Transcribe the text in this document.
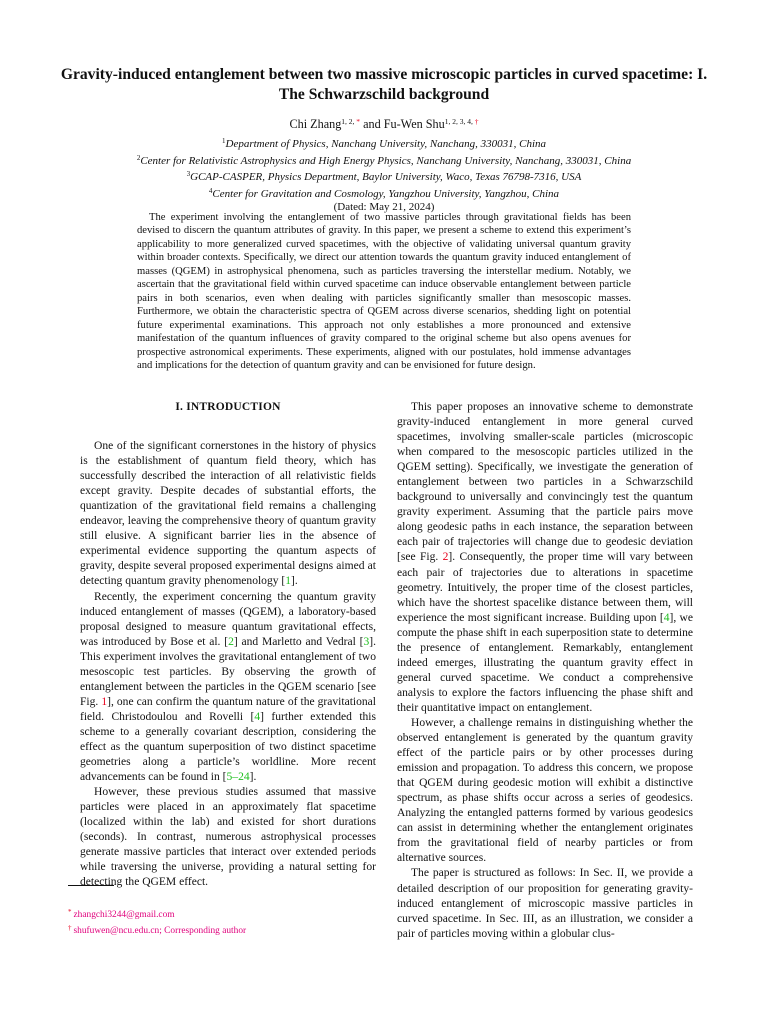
Gravity-induced entanglement between two massive microscopic particles in curved spacetime: I.
The Schwarzschild background
Chi Zhang$^{1, 2, *}$ and Fu-Wen Shu$^{1, 2, 3, 4, \dagger}$
$^1$Department of Physics, Nanchang University, Nanchang, 330031, China
$^2$Center for Relativistic Astrophysics and High Energy Physics, Nanchang University, Nanchang, 330031, China
$^3$GCAP-CASPER, Physics Department, Baylor University, Waco, Texas 76798-7316, USA
$^4$Center for Gravitation and Cosmology, Yangzhou University, Yangzhou, China
(Dated: May 21, 2024)
The experiment involving the entanglement of two massive particles through gravitational fields has been devised to discern the quantum attributes of gravity. In this paper, we present a scheme to extend this experiment’s applicability to more generalized curved spacetimes, with the objective of validating universal quantum gravity within broader contexts. Specifically, we direct our attention towards the quantum gravity induced entanglement of masses (QGEM) in astrophysical phenomena, such as particles traversing the interstellar medium. Notably, we ascertain that the gravitational field within curved spacetime can induce observable entanglement between particle pairs in both scenarios, even when dealing with particles significantly smaller than mesoscopic masses. Furthermore, we obtain the characteristic spectra of QGEM across diverse scenarios, shedding light on potential future experimental examinations. This approach not only establishes a more pronounced and extensive manifestation of the quantum influences of gravity compared to the original scheme but also opens avenues for prospective astronomical experiments. These experiments, aligned with our postulates, hold immense advantages and implications for the detection of quantum gravity and can be envisioned for future design.
I. INTRODUCTION

One of the significant cornerstones in the history of physics is the establishment of quantum field theory, which has successfully described the interaction of all relativistic fields except gravity. Despite decades of substantial efforts, the quantization of the gravitational field remains a challenging endeavor, leaving the comprehensive theory of quantum gravity still elusive. A significant barrier lies in the absence of experimental evidence supporting the quantum aspects of gravity, despite several proposed experimental designs aimed at detecting quantum gravity phenomenology [1].

Recently, the experiment concerning the quantum gravity induced entanglement of masses (QGEM), a laboratory-based proposal designed to measure quantum gravitational effects, was introduced by Bose et al. [2] and Marletto and Vedral [3]. This experiment involves the gravitational entanglement of two mesoscopic test particles. By observing the growth of entanglement between the particles in the QGEM scenario [see Fig. 1], one can confirm the quantum nature of the gravitational field. Christodoulou and Rovelli [4] further extended this scheme to a generally covariant description, considering the effect as the quantum superposition of two distinct spacetime geometries along a particle’s worldline. More recent advancements can be found in [5–24].

However, these previous studies assumed that massive particles were placed in an approximately flat spacetime (localized within the lab) and existed for short durations (seconds). In contrast, numerous astrophysical processes generate massive particles that interact over extended periods while traversing the universe, providing a natural setting for detecting the QGEM effect.

This paper proposes an innovative scheme to demonstrate gravity-induced entanglement in more general curved spacetimes, involving smaller-scale particles (microscopic when compared to the mesoscopic particles utilized in the QGEM setting). Specifically, we investigate the generation of entanglement between two particles in a Schwarzschild background to universally and convincingly test the quantum gravity experiment. Assuming that the particle pairs move along geodesic paths in each instance, the separation between each pair of trajectories will change due to geodesic deviation [see Fig. 2]. Consequently, the proper time will vary between each pair of trajectories due to alterations in spacetime geometry. Intuitively, the proper time of the closest particles, which have the shortest spacelike distance between them, will experience the most significant increase. Building upon [4], we compute the phase shift in each superposition state to determine the presence of entanglement. Remarkably, entanglement indeed emerges, illustrating the quantum gravity effect in general curved spacetime. We conduct a comprehensive analysis to explore the factors influencing the phase shift and their quantitative impact on entanglement.

However, a challenge remains in distinguishing whether the observed entanglement is generated by the quantum gravity effect of the particle pairs or by other processes during emission and propagation. To address this concern, we propose that QGEM during geodesic motion will exhibit a distinctive spectrum, as phase shifts occur across a series of geodesics. Analyzing the entangled patterns formed by various geodesics can assist in determining whether the entanglement originates from the gravitational field of nearby particles or from alternative sources.

The paper is structured as follows: In Sec. II, we provide a detailed description of our proposition for generating gravity-induced entanglement of microscopic massive particles in curved spacetime. In Sec. III, as an illustration, we consider a pair of particles moving within a globular clus-

* zhangchi3244@gmail.com
† shufuwen@ncu.edu.cn; Corresponding author
